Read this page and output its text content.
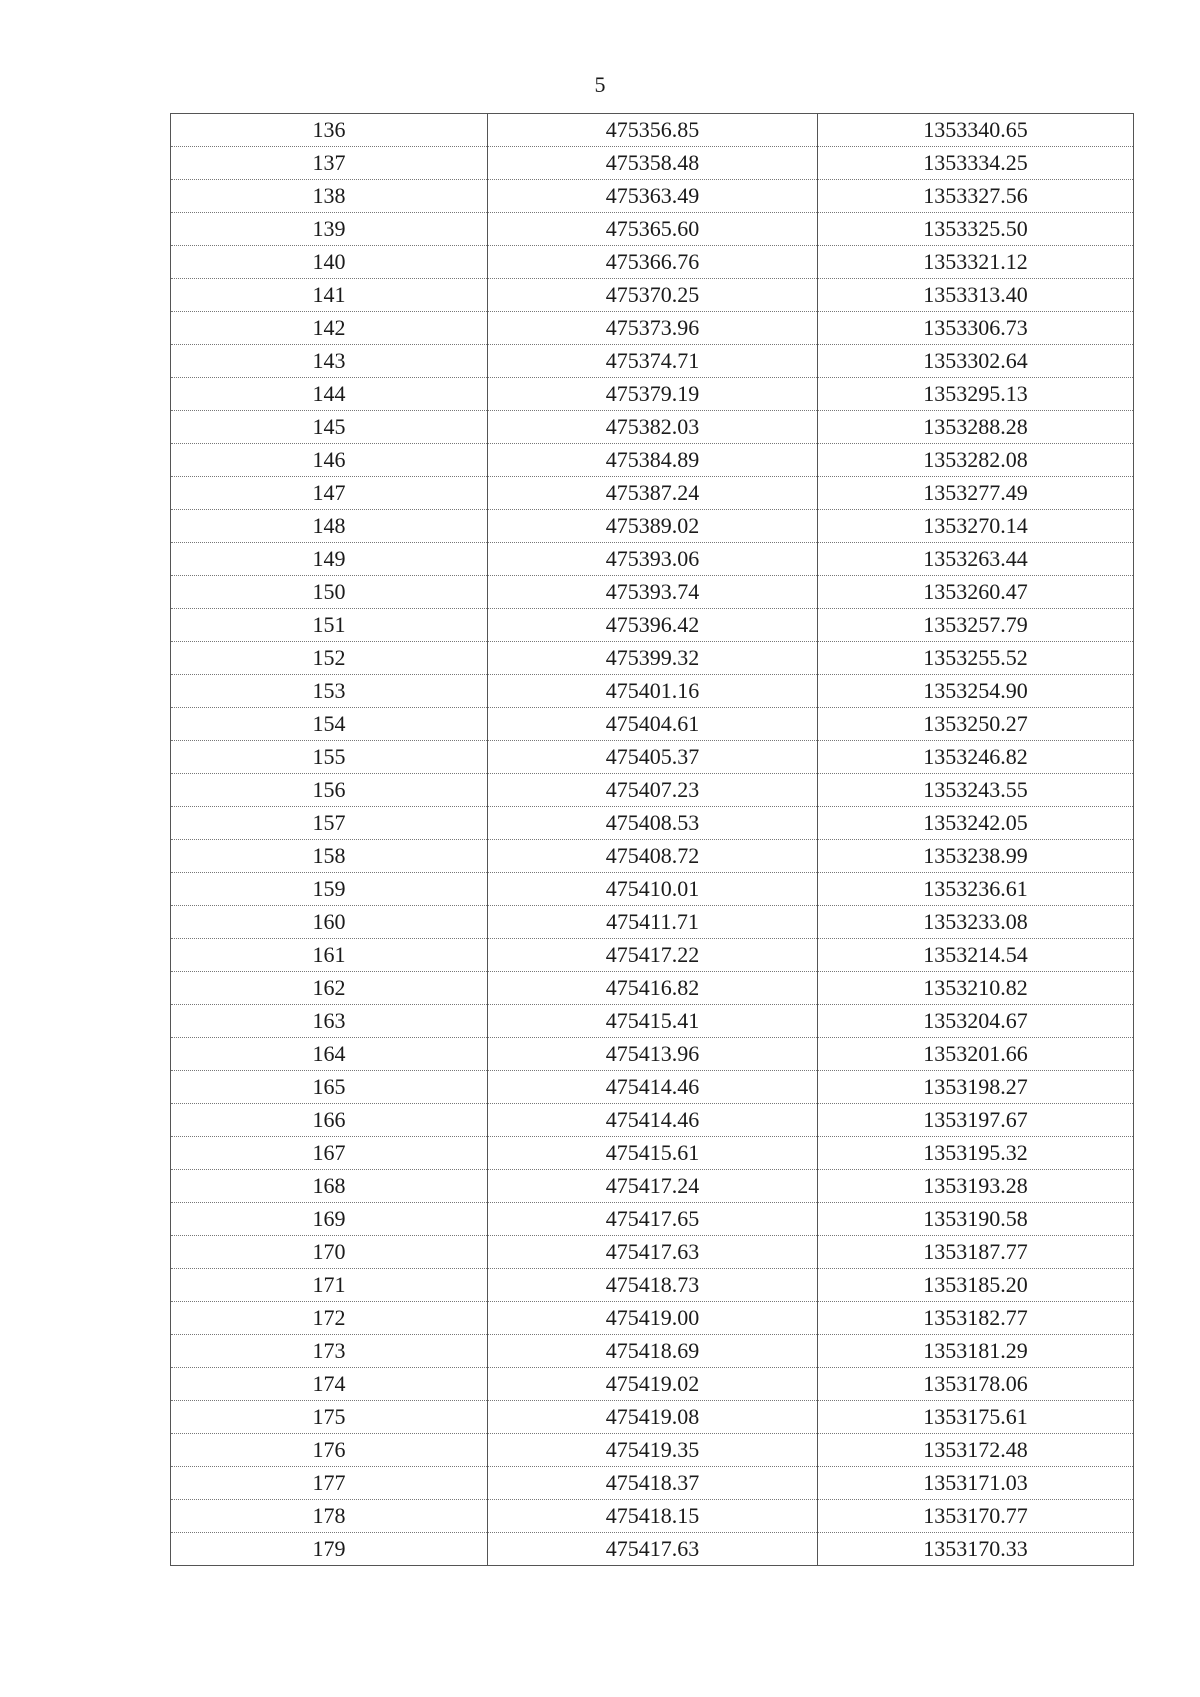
5
136	475356.85	1353340.65
137	475358.48	1353334.25
138	475363.49	1353327.56
139	475365.60	1353325.50
140	475366.76	1353321.12
141	475370.25	1353313.40
142	475373.96	1353306.73
143	475374.71	1353302.64
144	475379.19	1353295.13
145	475382.03	1353288.28
146	475384.89	1353282.08
147	475387.24	1353277.49
148	475389.02	1353270.14
149	475393.06	1353263.44
150	475393.74	1353260.47
151	475396.42	1353257.79
152	475399.32	1353255.52
153	475401.16	1353254.90
154	475404.61	1353250.27
155	475405.37	1353246.82
156	475407.23	1353243.55
157	475408.53	1353242.05
158	475408.72	1353238.99
159	475410.01	1353236.61
160	475411.71	1353233.08
161	475417.22	1353214.54
162	475416.82	1353210.82
163	475415.41	1353204.67
164	475413.96	1353201.66
165	475414.46	1353198.27
166	475414.46	1353197.67
167	475415.61	1353195.32
168	475417.24	1353193.28
169	475417.65	1353190.58
170	475417.63	1353187.77
171	475418.73	1353185.20
172	475419.00	1353182.77
173	475418.69	1353181.29
174	475419.02	1353178.06
175	475419.08	1353175.61
176	475419.35	1353172.48
177	475418.37	1353171.03
178	475418.15	1353170.77
179	475417.63	1353170.33
